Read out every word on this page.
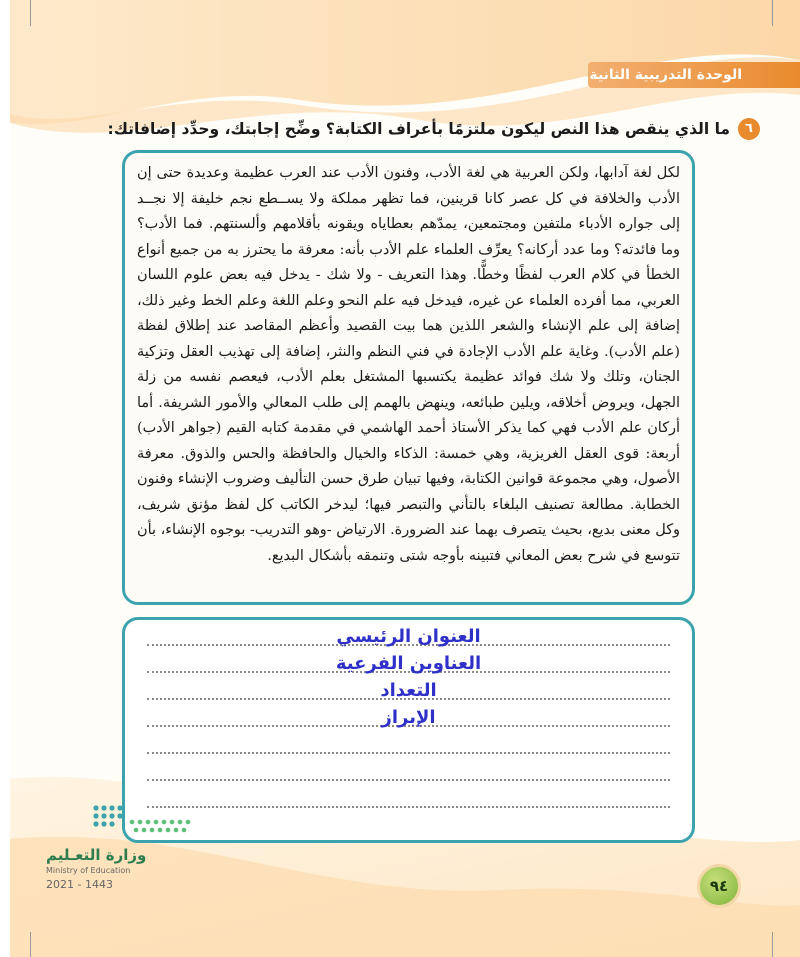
الوحدة التدريبية الثانية
٦
ما الذي ينقص هذا النص ليكون ملتزمًا بأعراف الكتابة؟ وضِّح إجابتك، وحدِّد إضافاتك:

لكل لغة آدابها، ولكن العربية هي لغة الأدب، وفنون الأدب عند العرب عظيمة وعديدة حتى إن الأدب والخلافة في كل عصر كانا قرينين، فما تظهر مملكة ولا يســطع نجم خليفة إلا نجــد إلى جواره الأدباء ملتفين ومجتمعين، يمدّهم بعطاياه ويقونه بأقلامهم وألسنتهم. فما الأدب؟ وما فائدته؟ وما عدد أركانه؟ يعرِّف العلماء علم الأدب بأنه: معرفة ما يحترز به من جميع أنواع الخطأ في كلام العرب لفظًا وخطًّا. وهذا التعريف - ولا شك - يدخل فيه بعض علوم اللسان العربي، مما أفرده العلماء عن غيره، فيدخل فيه علم النحو وعلم اللغة وعلم الخط وغير ذلك، إضافة إلى علم الإنشاء والشعر اللذين هما بيت القصيد وأعظم المقاصد عند إطلاق لفظة (علم الأدب). وغاية علم الأدب الإجادة في فني النظم والنثر، إضافة إلى تهذيب العقل وتزكية الجنان، وتلك ولا شك فوائد عظيمة يكتسبها المشتغل بعلم الأدب، فيعصم نفسه من زلة الجهل، ويروض أخلاقه، ويلين طبائعه، وينهض بالهمم إلى طلب المعالي والأمور الشريفة. أما أركان علم الأدب فهي كما يذكر الأستاذ أحمد الهاشمي في مقدمة كتابه القيم (جواهر الأدب) أربعة: قوى العقل الغريزية، وهي خمسة: الذكاء والخيال والحافظة والحس والذوق. معرفة الأصول، وهي مجموعة قوانين الكتابة، وفيها تبيان طرق حسن التأليف وضروب الإنشاء وفنون الخطابة. مطالعة تصنيف البلغاء بالتأني والتبصر فيها؛ ليدخر الكاتب كل لفظ مؤنق شريف، وكل معنى بديع، بحيث يتصرف بهما عند الضرورة. الارتياض -وهو التدريب- بوجوه الإنشاء، بأن تتوسع في شرح بعض المعاني فتبينه بأوجه شتى وتنمقه بأشكال البديع.

العنوان الرئيسي
العناوين الفرعية
التعداد
الإبراز
وزارة التعـليم
Ministry of Education
2021 - 1443	٩٤
